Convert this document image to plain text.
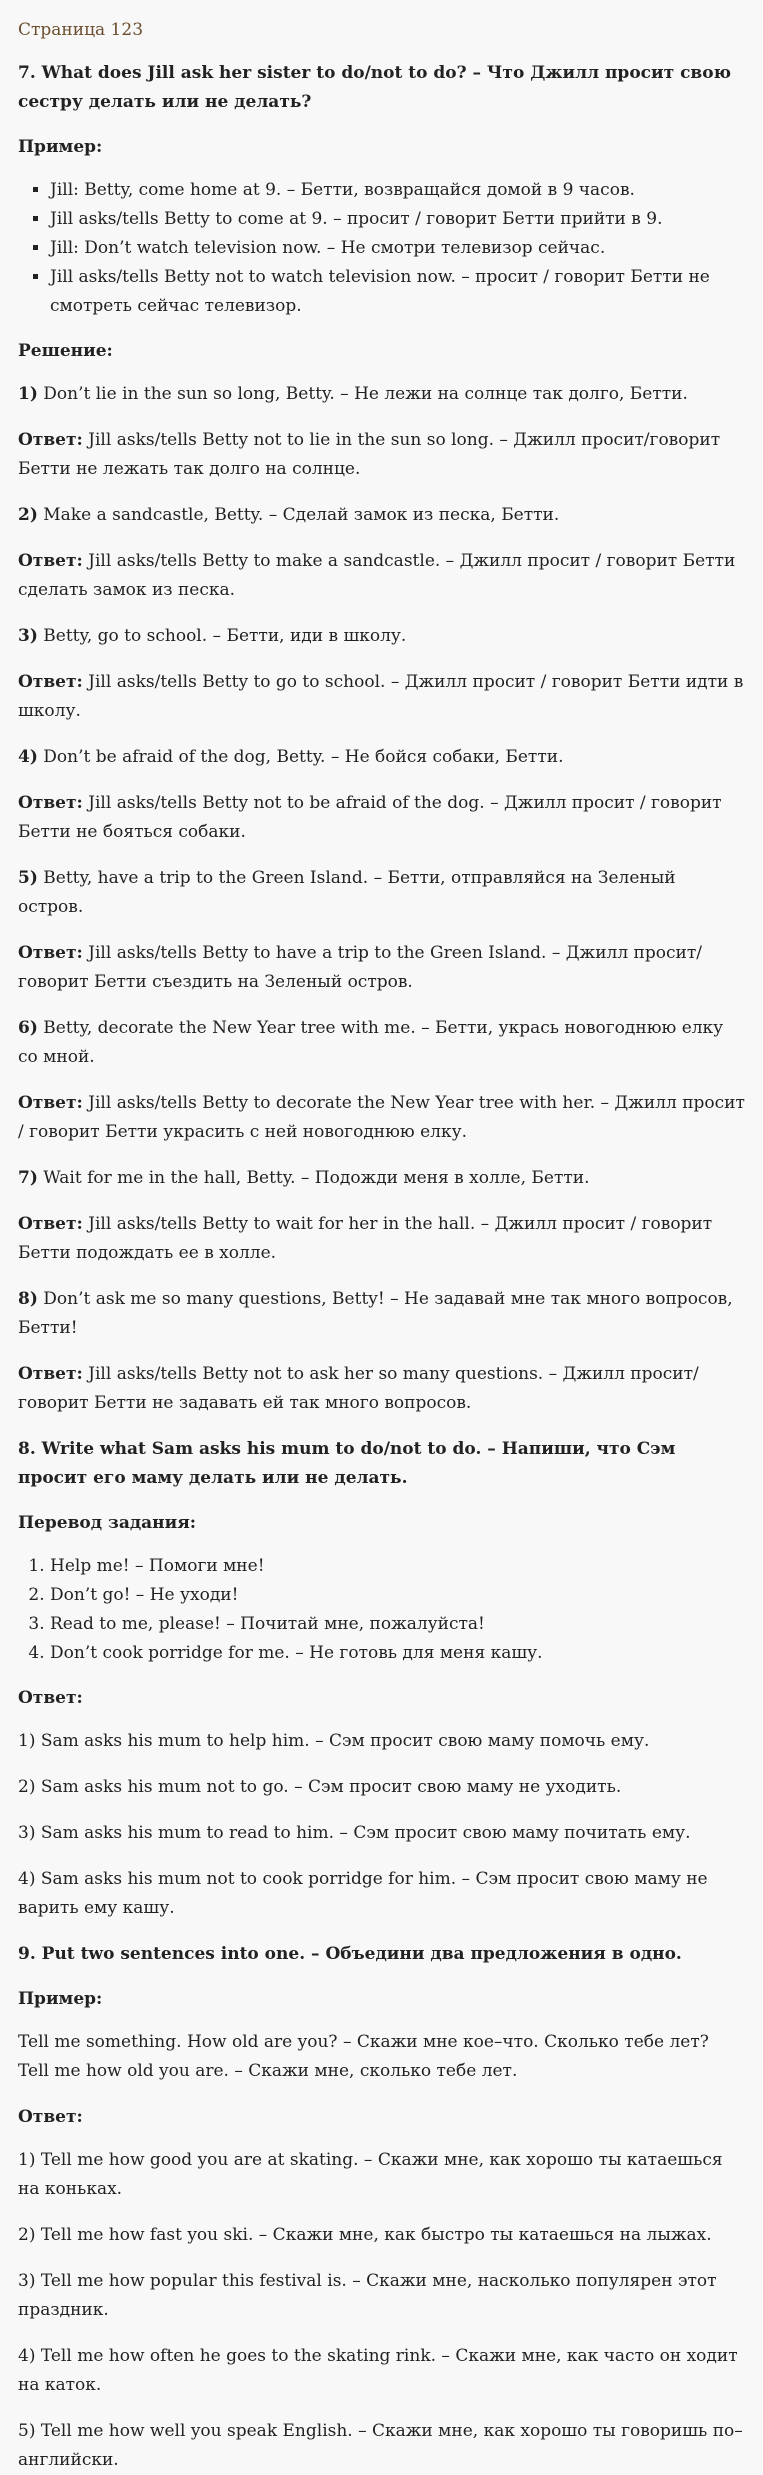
Страница 123
7. What does Jill ask her sister to do/not to do? – Что Джилл просит свою сестру делать или не делать?
Пример:
▪ Jill: Betty, come home at 9. – Бетти, возвращайся домой в 9 часов.
▪ Jill asks/tells Betty to come at 9. – просит / говорит Бетти прийти в 9.
▪ Jill: Don’t watch television now. – Не смотри телевизор сейчас.
▪ Jill asks/tells Betty not to watch television now. – просит / говорит Бетти не смотреть сейчас телевизор.
Решение:

1) Don’t lie in the sun so long, Betty. – Не лежи на солнце так долго, Бетти.

Ответ: Jill asks/tells Betty not to lie in the sun so long. – Джилл просит/говорит Бетти не лежать так долго на солнце.

2) Make a sandcastle, Betty. – Сделай замок из песка, Бетти.

Ответ: Jill asks/tells Betty to make a sandcastle. – Джилл просит / говорит Бетти сделать замок из песка.

3) Betty, go to school. – Бетти, иди в школу.

Ответ: Jill asks/tells Betty to go to school. – Джилл просит / говорит Бетти идти в школу.

4) Don’t be afraid of the dog, Betty. – Не бойся собаки, Бетти.

Ответ: Jill asks/tells Betty not to be afraid of the dog. – Джилл просит / говорит Бетти не бояться собаки.

5) Betty, have a trip to the Green Island. – Бетти, отправляйся на Зеленый остров.

Ответ: Jill asks/tells Betty to have a trip to the Green Island. – Джилл просит/говорит Бетти съездить на Зеленый остров.

6) Betty, decorate the New Year tree with me. – Бетти, укрась новогоднюю елку со мной.

Ответ: Jill asks/tells Betty to decorate the New Year tree with her. – Джилл просит / говорит Бетти украсить с ней новогоднюю елку.

7) Wait for me in the hall, Betty. – Подожди меня в холле, Бетти.

Ответ: Jill asks/tells Betty to wait for her in the hall. – Джилл просит / говорит Бетти подождать ее в холле.

8) Don’t ask me so many questions, Betty! – Не задавай мне так много вопросов, Бетти!

Ответ: Jill asks/tells Betty not to ask her so many questions. – Джилл просит/говорит Бетти не задавать ей так много вопросов.

8. Write what Sam asks his mum to do/not to do. – Напиши, что Сэм просит его маму делать или не делать.
Перевод задания:
1. Help me! – Помоги мне!
2. Don’t go! – Не уходи!
3. Read to me, please! – Почитай мне, пожалуйста!
4. Don’t cook porridge for me. – Не готовь для меня кашу.
Ответ:

1) Sam asks his mum to help him. – Сэм просит свою маму помочь ему.

2) Sam asks his mum not to go. – Сэм просит свою маму не уходить.

3) Sam asks his mum to read to him. – Сэм просит свою маму почитать ему.

4) Sam asks his mum not to cook porridge for him. – Сэм просит свою маму не варить ему кашу.

9. Put two sentences into one. – Объедини два предложения в одно.
Пример:

Tell me something. How old are you? – Скажи мне кое–что. Сколько тебе лет?
Tell me how old you are. – Скажи мне, сколько тебе лет.

Ответ:

1) Tell me how good you are at skating. – Скажи мне, как хорошо ты катаешься на коньках.

2) Tell me how fast you ski. – Скажи мне, как быстро ты катаешься на лыжах.

3) Tell me how popular this festival is. – Скажи мне, насколько популярен этот праздник.

4) Tell me how often he goes to the skating rink. – Скажи мне, как часто он ходит на каток.

5) Tell me how well you speak English. – Скажи мне, как хорошо ты говоришь по–английски.
